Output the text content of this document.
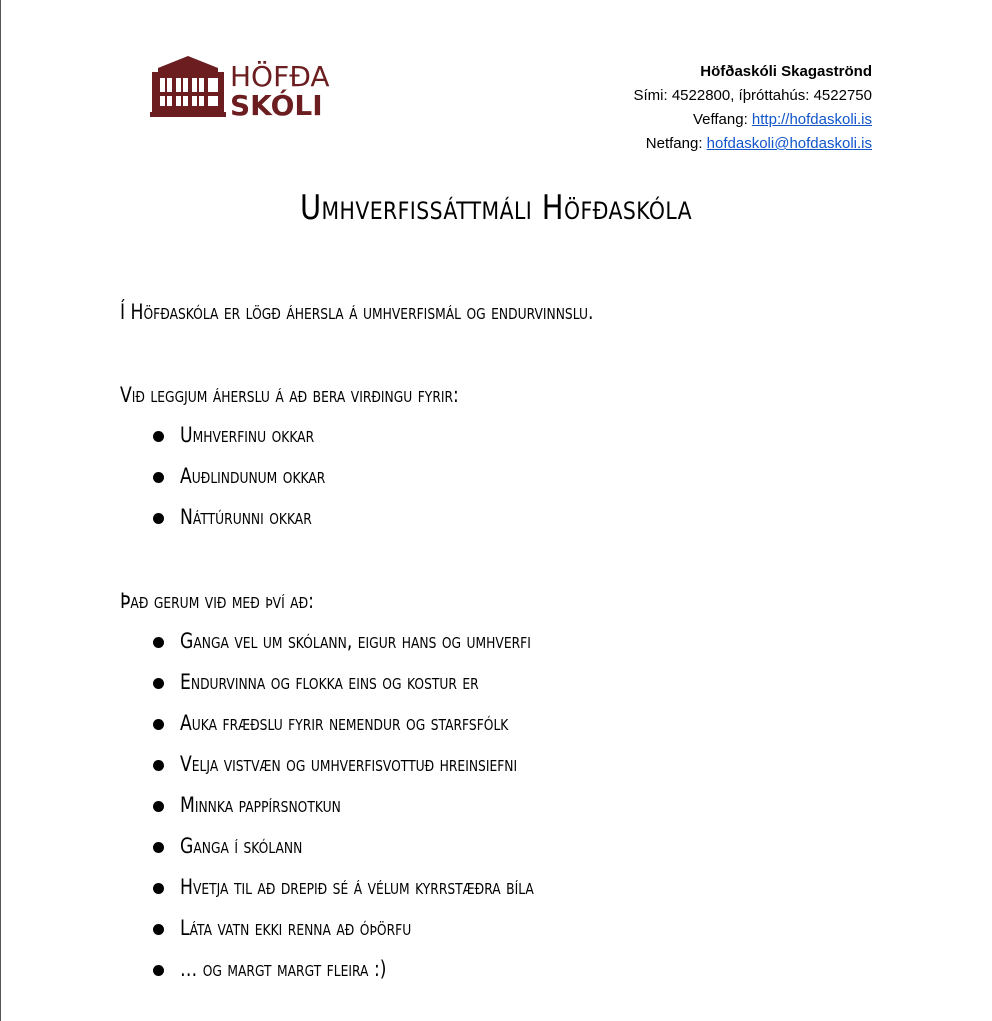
HÖFÐA
SKÓLI
Höfðaskóli Skagaströnd
Sími: 4522800, íþróttahús: 4522750
Veffang: http://hofdaskoli.is
Netfang: hofdaskoli@hofdaskoli.is
Umhverfissáttmáli Höfðaskóla

Í Höfðaskóla er lögð áhersla á umhverfismál og endurvinnslu.

Við leggjum áherslu á að bera virðingu fyrir:

Umhverfinu okkar
Auðlindunum okkar
Náttúrunni okkar

Það gerum við með því að:

Ganga vel um skólann, eigur hans og umhverfi
Endurvinna og flokka eins og kostur er
Auka fræðslu fyrir nemendur og starfsfólk
Velja vistvæn og umhverfisvottuð hreinsiefni
Minnka pappírsnotkun
Ganga í skólann
Hvetja til að drepið sé á vélum kyrrstæðra bíla
Láta vatn ekki renna að óþörfu
… og margt margt fleira :)
